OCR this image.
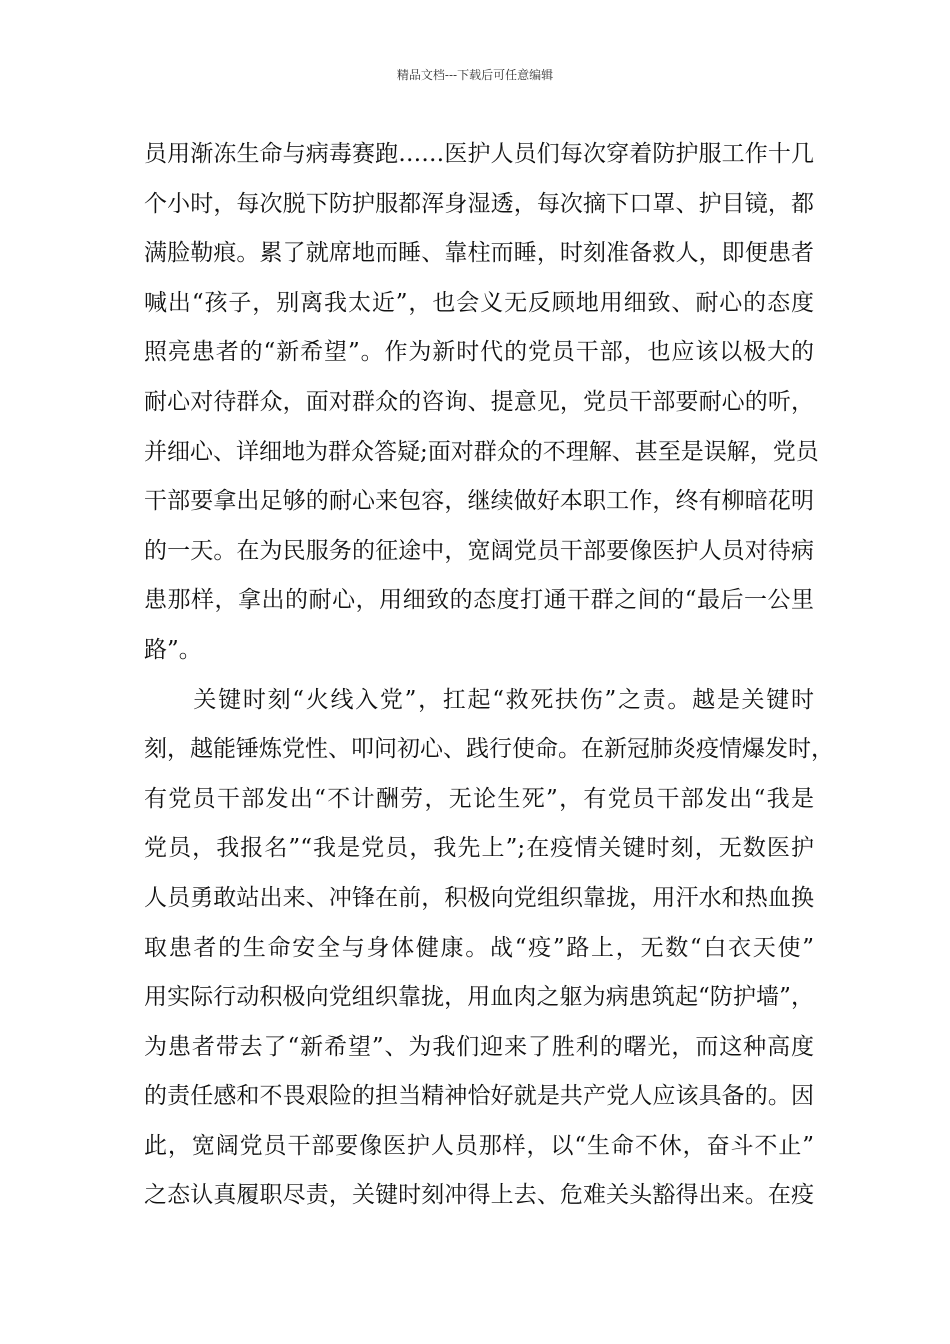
精品文档---下载后可任意编辑
员用渐冻生命与病毒赛跑……医护人员们每次穿着防护服工作十几
个小时，每次脱下防护服都浑身湿透，每次摘下口罩、护目镜，都
满脸勒痕。累了就席地而睡、靠柱而睡，时刻准备救人，即便患者
喊出“孩子，别离我太近”，也会义无反顾地用细致、耐心的态度
照亮患者的“新希望”。作为新时代的党员干部，也应该以极大的
耐心对待群众，面对群众的咨询、提意见，党员干部要耐心的听，
并细心、详细地为群众答疑;面对群众的不理解、甚至是误解，党员
干部要拿出足够的耐心来包容，继续做好本职工作，终有柳暗花明
的一天。在为民服务的征途中，宽阔党员干部要像医护人员对待病
患那样，拿出的耐心，用细致的态度打通干群之间的“最后一公里
路”。
　　关键时刻“火线入党”，扛起“救死扶伤”之责。越是关键时
刻，越能锤炼党性、叩问初心、践行使命。在新冠肺炎疫情爆发时，
有党员干部发出“不计酬劳，无论生死”，有党员干部发出“我是
党员，我报名”“我是党员，我先上”;在疫情关键时刻，无数医护
人员勇敢站出来、冲锋在前，积极向党组织靠拢，用汗水和热血换
取患者的生命安全与身体健康。战“疫”路上，无数“白衣天使”
用实际行动积极向党组织靠拢，用血肉之躯为病患筑起“防护墙”，
为患者带去了“新希望”、为我们迎来了胜利的曙光，而这种高度
的责任感和不畏艰险的担当精神恰好就是共产党人应该具备的。因
此，宽阔党员干部要像医护人员那样，以“生命不休，奋斗不止”
之态认真履职尽责，关键时刻冲得上去、危难关头豁得出来。在疫
